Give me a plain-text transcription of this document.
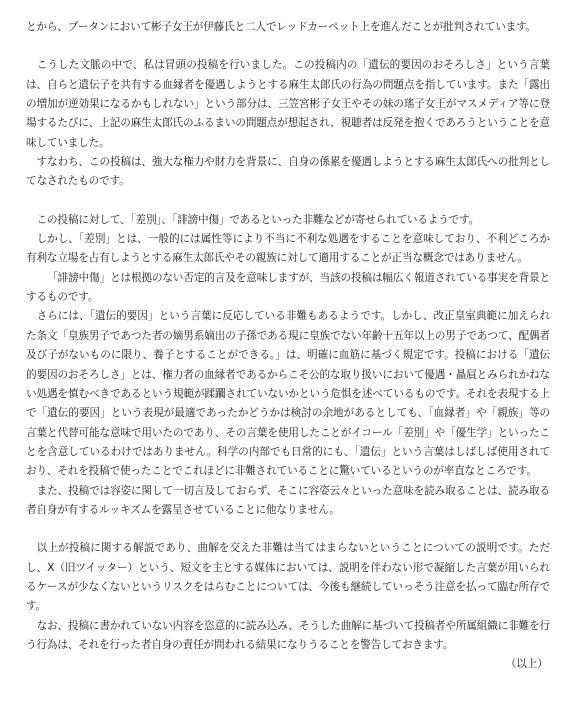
とから、ブータンにおいて彬子女王が伊藤氏と二人でレッドカーペット上を進んだことが批判されています。

こうした文脈の中で、私は冒頭の投稿を行いました。この投稿内の「遺伝的要因のおそろしさ」という言葉は、自らと遺伝子を共有する血縁者を優遇しようとする麻生太郎氏の行為の問題点を指しています。また「露出の増加が逆効果になるかもしれない」という部分は、三笠宮彬子女王やその妹の瑤子女王がマスメディア等に登場するたびに、上記の麻生太郎氏のふるまいの問題点が想起され、視聴者は反発を抱くであろうということを意味していました。

すなわち、この投稿は、強大な権力や財力を背景に、自身の係累を優遇しようとする麻生太郎氏への批判としてなされたものです。

この投稿に対して、「差別」、「誹謗中傷」であるといった非難などが寄せられているようです。

しかし、「差別」とは、一般的には属性等により不当に不利な処遇をすることを意味しており、不利どころか有利な立場を占有しようとする麻生太郎氏やその親族に対して適用することが正当な概念ではありません。

「誹謗中傷」とは根拠のない否定的言及を意味しますが、当該の投稿は幅広く報道されている事実を背景とするものです。

さらには、「遺伝的要因」という言葉に反応している非難もあるようです。しかし、改正皇室典範に加えられた条文「皇族男子であつた者の嫡男系嫡出の子孫である現に皇族でない年齢十五年以上の男子であつて、配偶者及び子がないものに限り、養子とすることができる。」は、明確に血筋に基づく規定です。投稿における「遺伝的要因のおそろしさ」とは、権力者の血縁者であるからこそ公的な取り扱いにおいて優遇・贔屓とみられかねない処遇を慎むべきであるという規範が蹂躙されていないかという危惧を述べているものです。それを表現する上で「遺伝的要因」という表現が最適であったかどうかは検討の余地があるとしても、「血縁者」や「親族」等の言葉と代替可能な意味で用いたのであり、その言葉を使用したことがイコール「差別」や「優生学」といったことを含意しているわけではありません。科学の内部でも日常的にも、「遺伝」という言葉はしばしば使用されており、それを投稿で使ったことでこれほどに非難されていることに驚いているというのが率直なところです。

また、投稿では容姿に関して一切言及しておらず、そこに容姿云々といった意味を読み取ることは、読み取る者自身が有するルッキズムを露呈させていることに他なりません。

以上が投稿に関する解説であり、曲解を交えた非難は当てはまらないということについての説明です。ただし、X（旧ツイッター）という、短文を主とする媒体においては、説明を伴わない形で凝縮した言葉が用いられるケースが少なくないというリスクをはらむことについては、今後も継続していっそう注意を払って臨む所存です。

なお、投稿に書かれていない内容を恣意的に読み込み、そうした曲解に基づいて投稿者や所属組織に非難を行う行為は、それを行った者自身の責任が問われる結果になりうることを警告しておきます。

（以上）
